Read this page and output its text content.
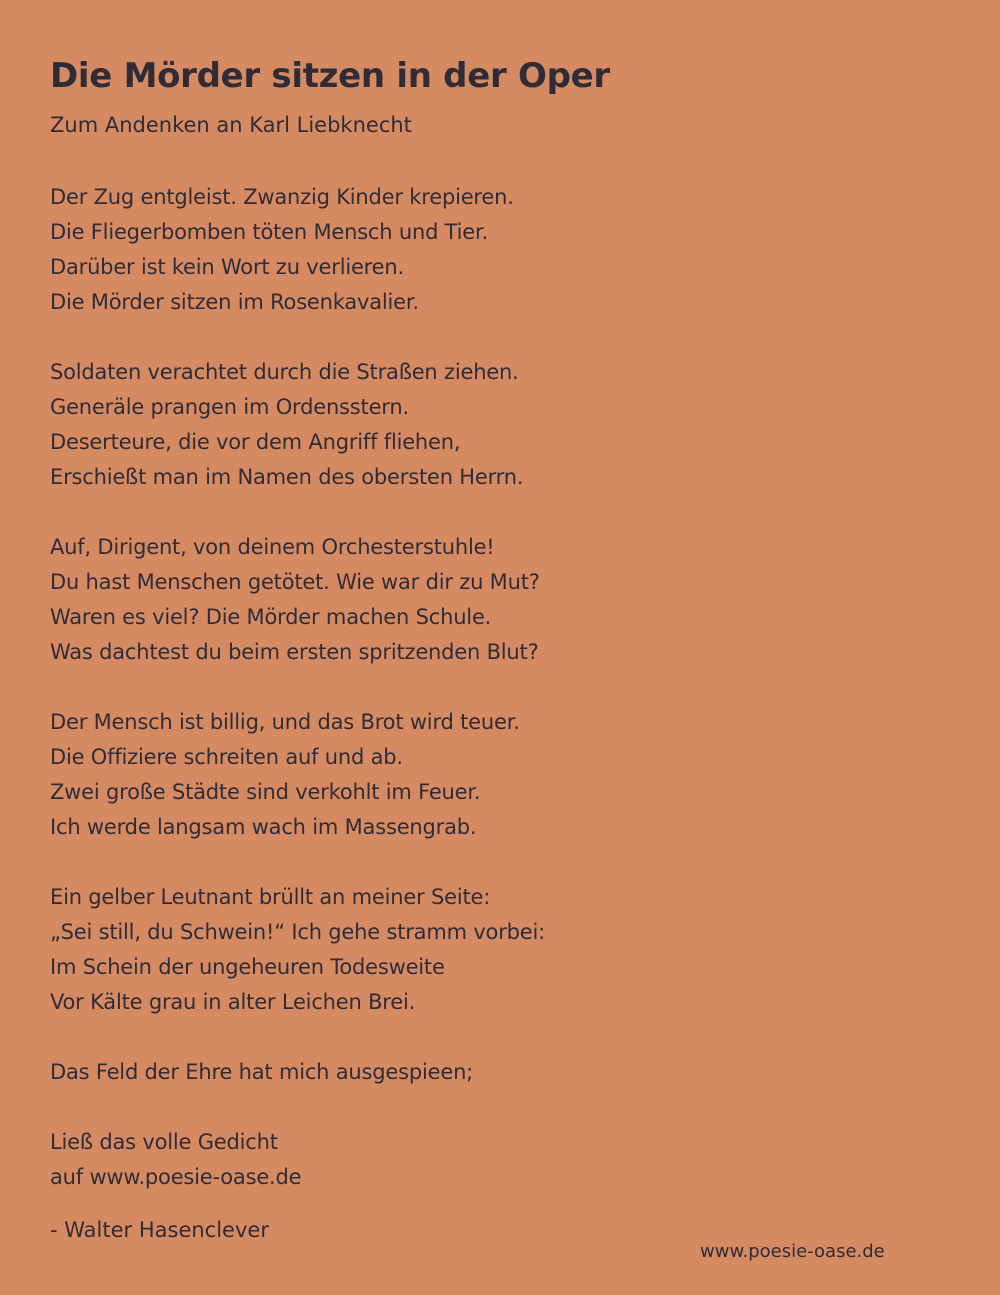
Die Mörder sitzen in der Oper
Zum Andenken an Karl Liebknecht
Der Zug entgleist. Zwanzig Kinder krepieren.
Die Fliegerbomben töten Mensch und Tier.
Darüber ist kein Wort zu verlieren.
Die Mörder sitzen im Rosenkavalier.
Soldaten verachtet durch die Straßen ziehen.
Generäle prangen im Ordensstern.
Deserteure, die vor dem Angriff fliehen,
Erschießt man im Namen des obersten Herrn.
Auf, Dirigent, von deinem Orchesterstuhle!
Du hast Menschen getötet. Wie war dir zu Mut?
Waren es viel? Die Mörder machen Schule.
Was dachtest du beim ersten spritzenden Blut?
Der Mensch ist billig, und das Brot wird teuer.
Die Offiziere schreiten auf und ab.
Zwei große Städte sind verkohlt im Feuer.
Ich werde langsam wach im Massengrab.
Ein gelber Leutnant brüllt an meiner Seite:
„Sei still, du Schwein!“ Ich gehe stramm vorbei:
Im Schein der ungeheuren Todesweite
Vor Kälte grau in alter Leichen Brei.
Das Feld der Ehre hat mich ausgespieen;
Ließ das volle Gedicht
auf www.poesie-oase.de
- Walter Hasenclever
www.poesie-oase.de
